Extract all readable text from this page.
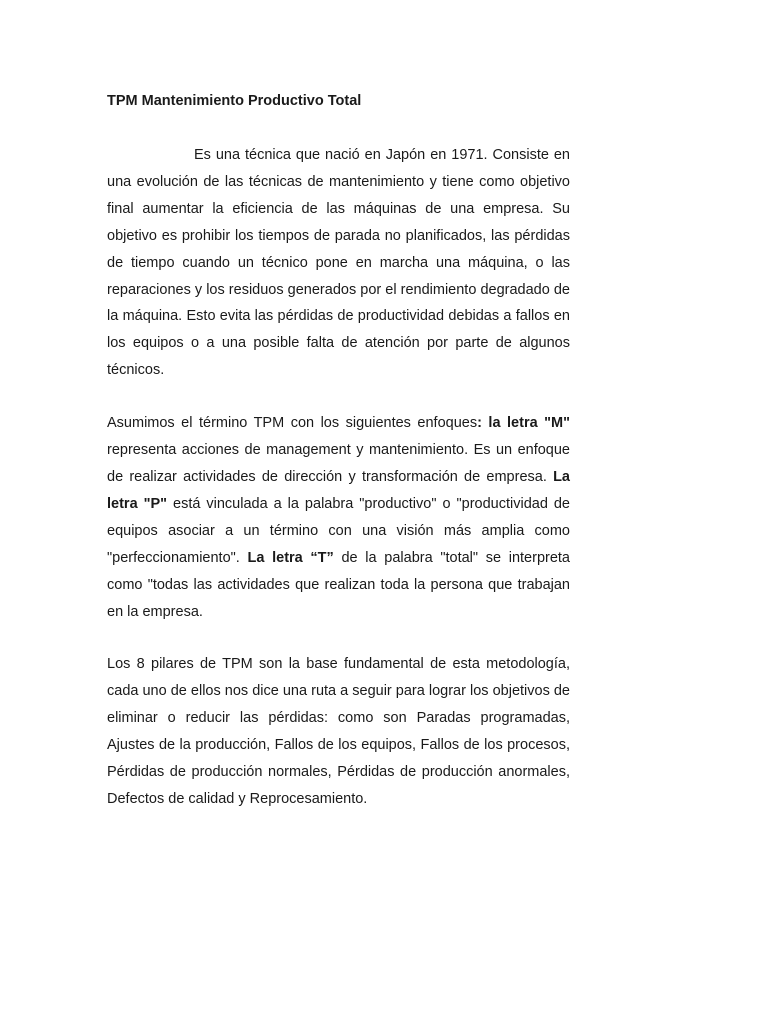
TPM Mantenimiento Productivo Total

Es una técnica que nació en Japón en 1971. Consiste en una evolución de las técnicas de mantenimiento y tiene como objetivo final aumentar la eficiencia de las máquinas de una empresa. Su objetivo es prohibir los tiempos de parada no planificados, las pérdidas de tiempo cuando un técnico pone en marcha una máquina, o las reparaciones y los residuos generados por el rendimiento degradado de la máquina. Esto evita las pérdidas de productividad debidas a fallos en los equipos o a una posible falta de atención por parte de algunos técnicos.

Asumimos el término TPM con los siguientes enfoques: la letra "M" representa acciones de management y mantenimiento. Es un enfoque de realizar actividades de dirección y transformación de empresa. La letra "P" está vinculada a la palabra "productivo" o "productividad de equipos asociar a un término con una visión más amplia como "perfeccionamiento". La letra “T” de la palabra "total" se interpreta como "todas las actividades que realizan toda la persona que trabajan en la empresa.

Los 8 pilares de TPM son la base fundamental de esta metodología, cada uno de ellos nos dice una ruta a seguir para lograr los objetivos de eliminar o reducir las pérdidas: como son Paradas programadas, Ajustes de la producción, Fallos de los equipos, Fallos de los procesos, Pérdidas de producción normales, Pérdidas de producción anormales, Defectos de calidad y Reprocesamiento.
